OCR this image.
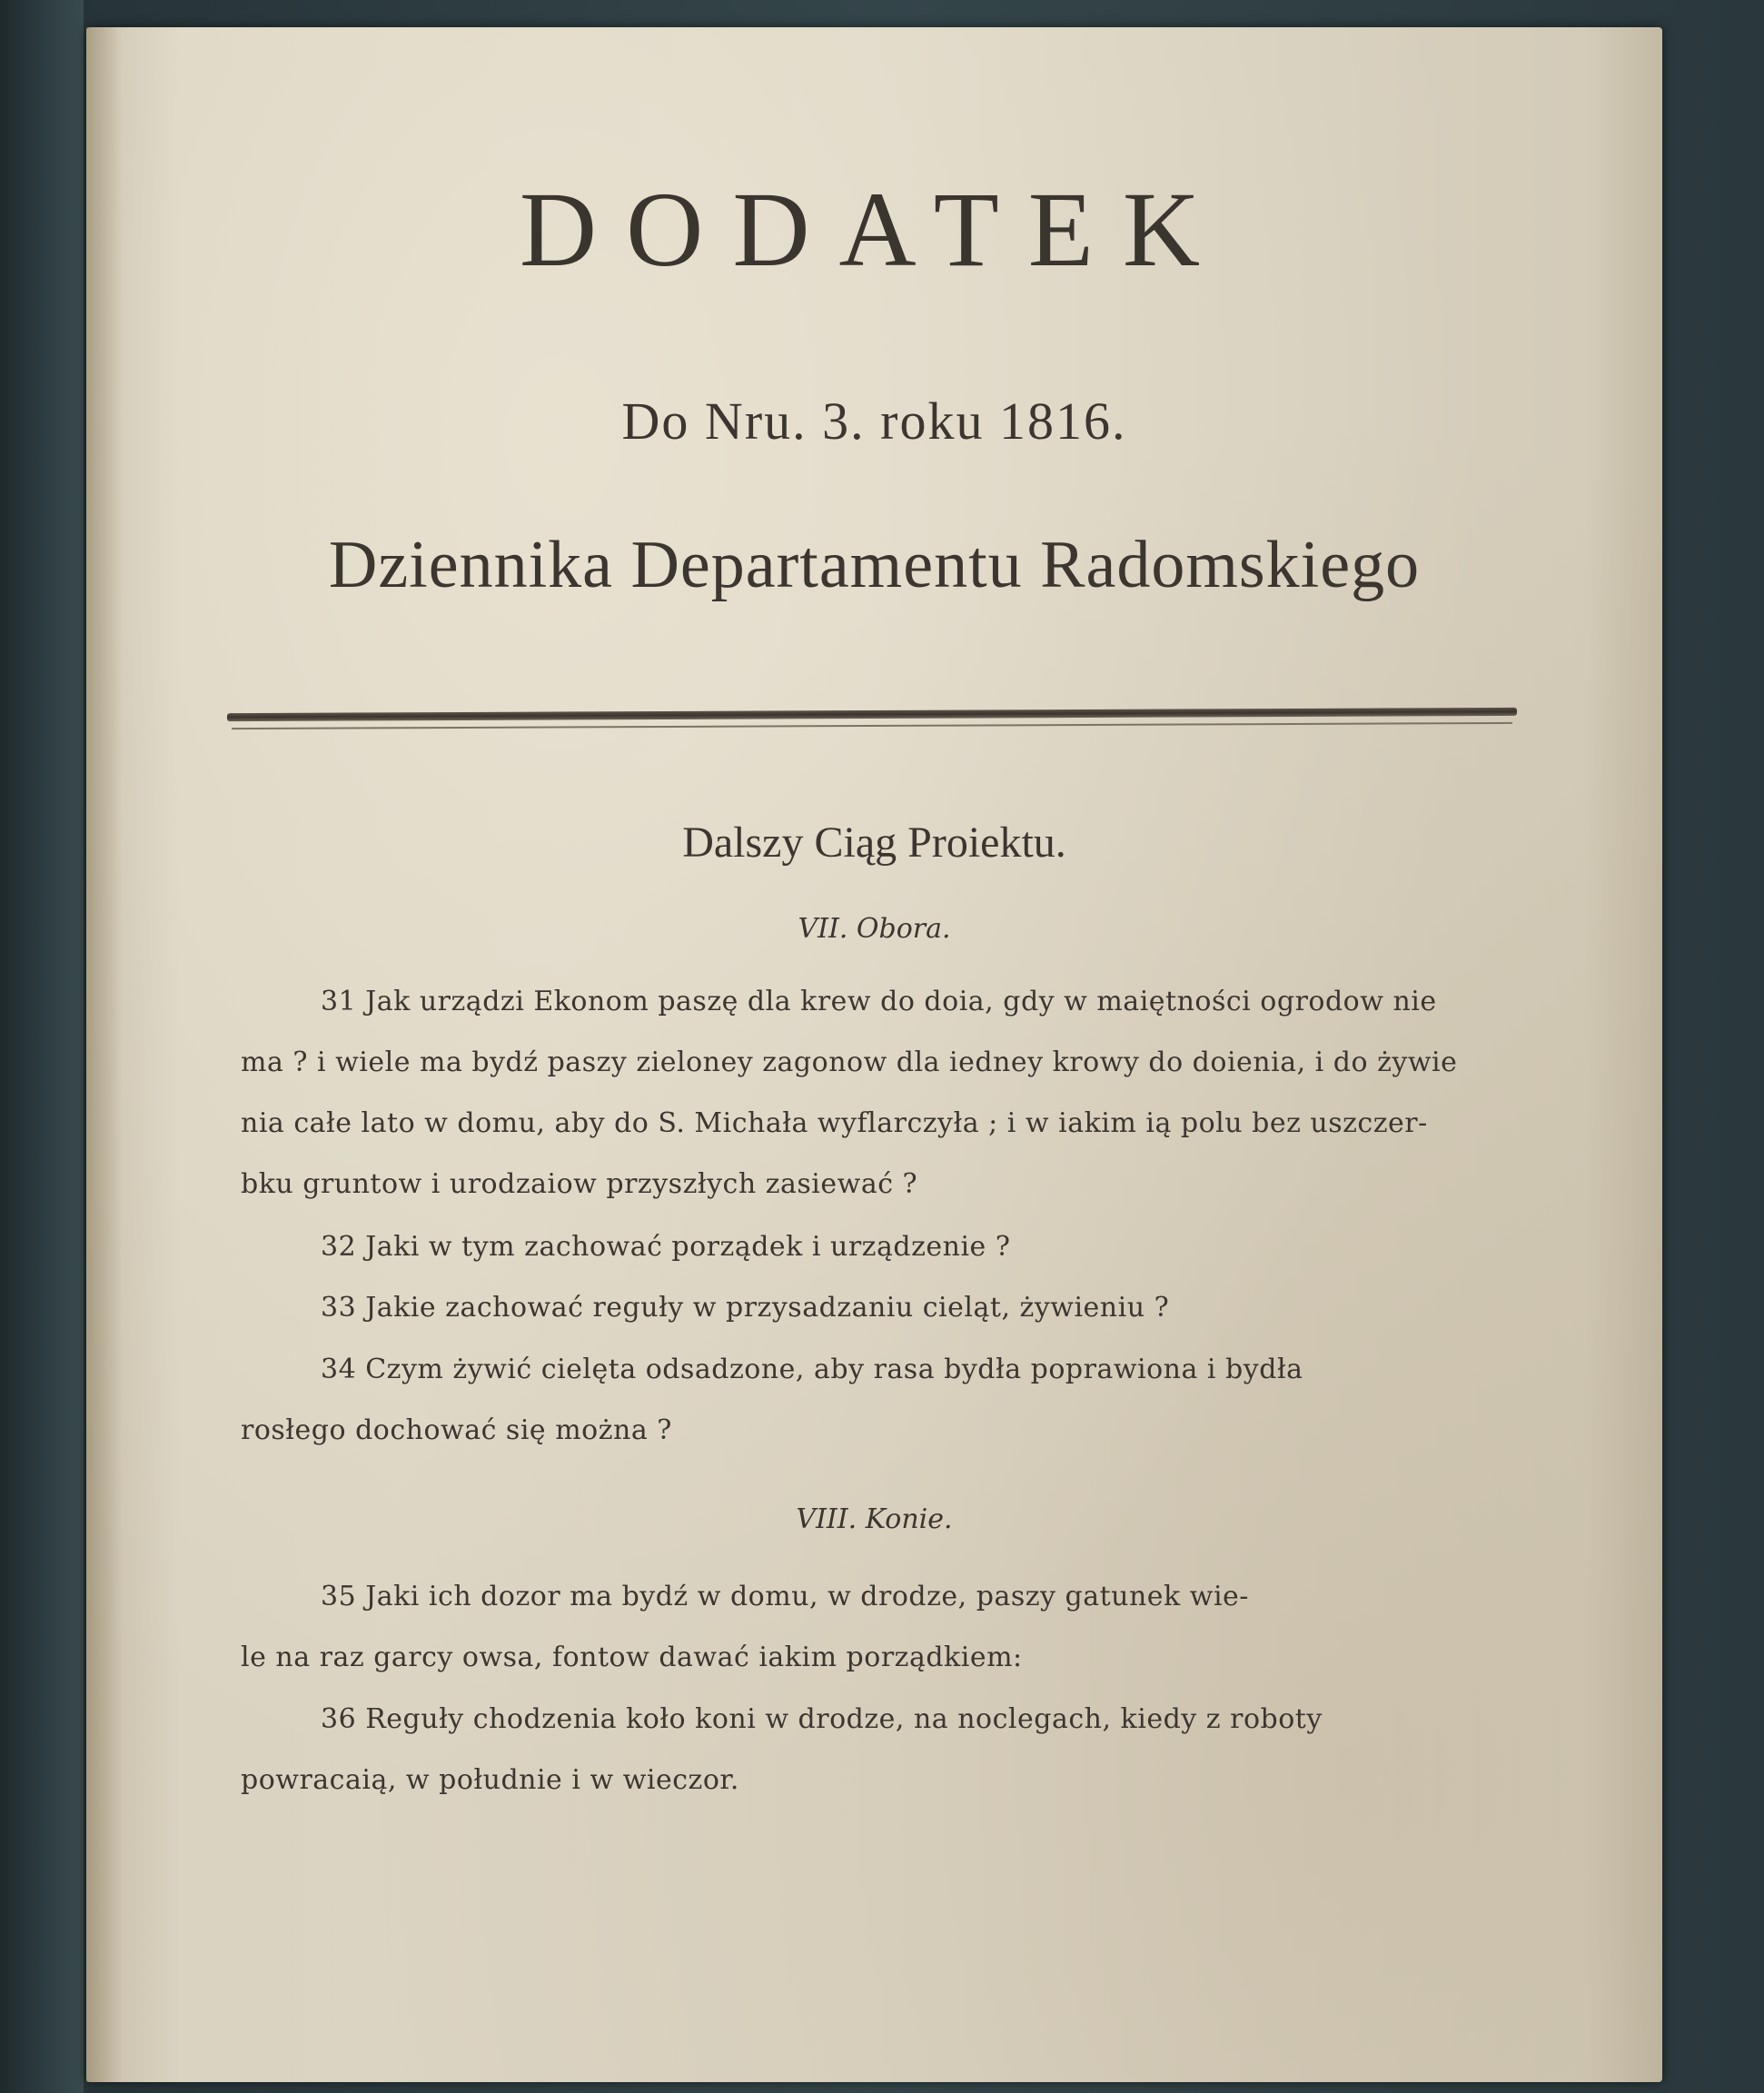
DODATEK
Do Nru. 3. roku 1816.
Dziennika Departamentu Radomskiego
Dalszy Ciąg Proiektu.
VII. Obora.
31 Jak urządzi Ekonom paszę dla krew do doia, gdy w maiętności ogrodow nie
ma ? i wiele ma bydź paszy zieloney zagonow dla iedney krowy do doienia, i do żywie
nia całe lato w domu, aby do S. Michała wyflarczyła ; i w iakim ią polu bez uszczer-
bku gruntow i urodzaiow przyszłych zasiewać ?
32 Jaki w tym zachować porządek i urządzenie ?
33 Jakie zachować reguły w przysadzaniu cieląt, żywieniu ?
34 Czym żywić cielęta odsadzone, aby rasa bydła poprawiona i bydła
rosłego dochować się można ?
VIII. Konie.
35 Jaki ich dozor ma bydź w domu, w drodze, paszy gatunek wie-
le na raz garcy owsa, fontow dawać iakim porządkiem:
36 Reguły chodzenia koło koni w drodze, na noclegach, kiedy z roboty
powracaią, w południe i w wieczor.
